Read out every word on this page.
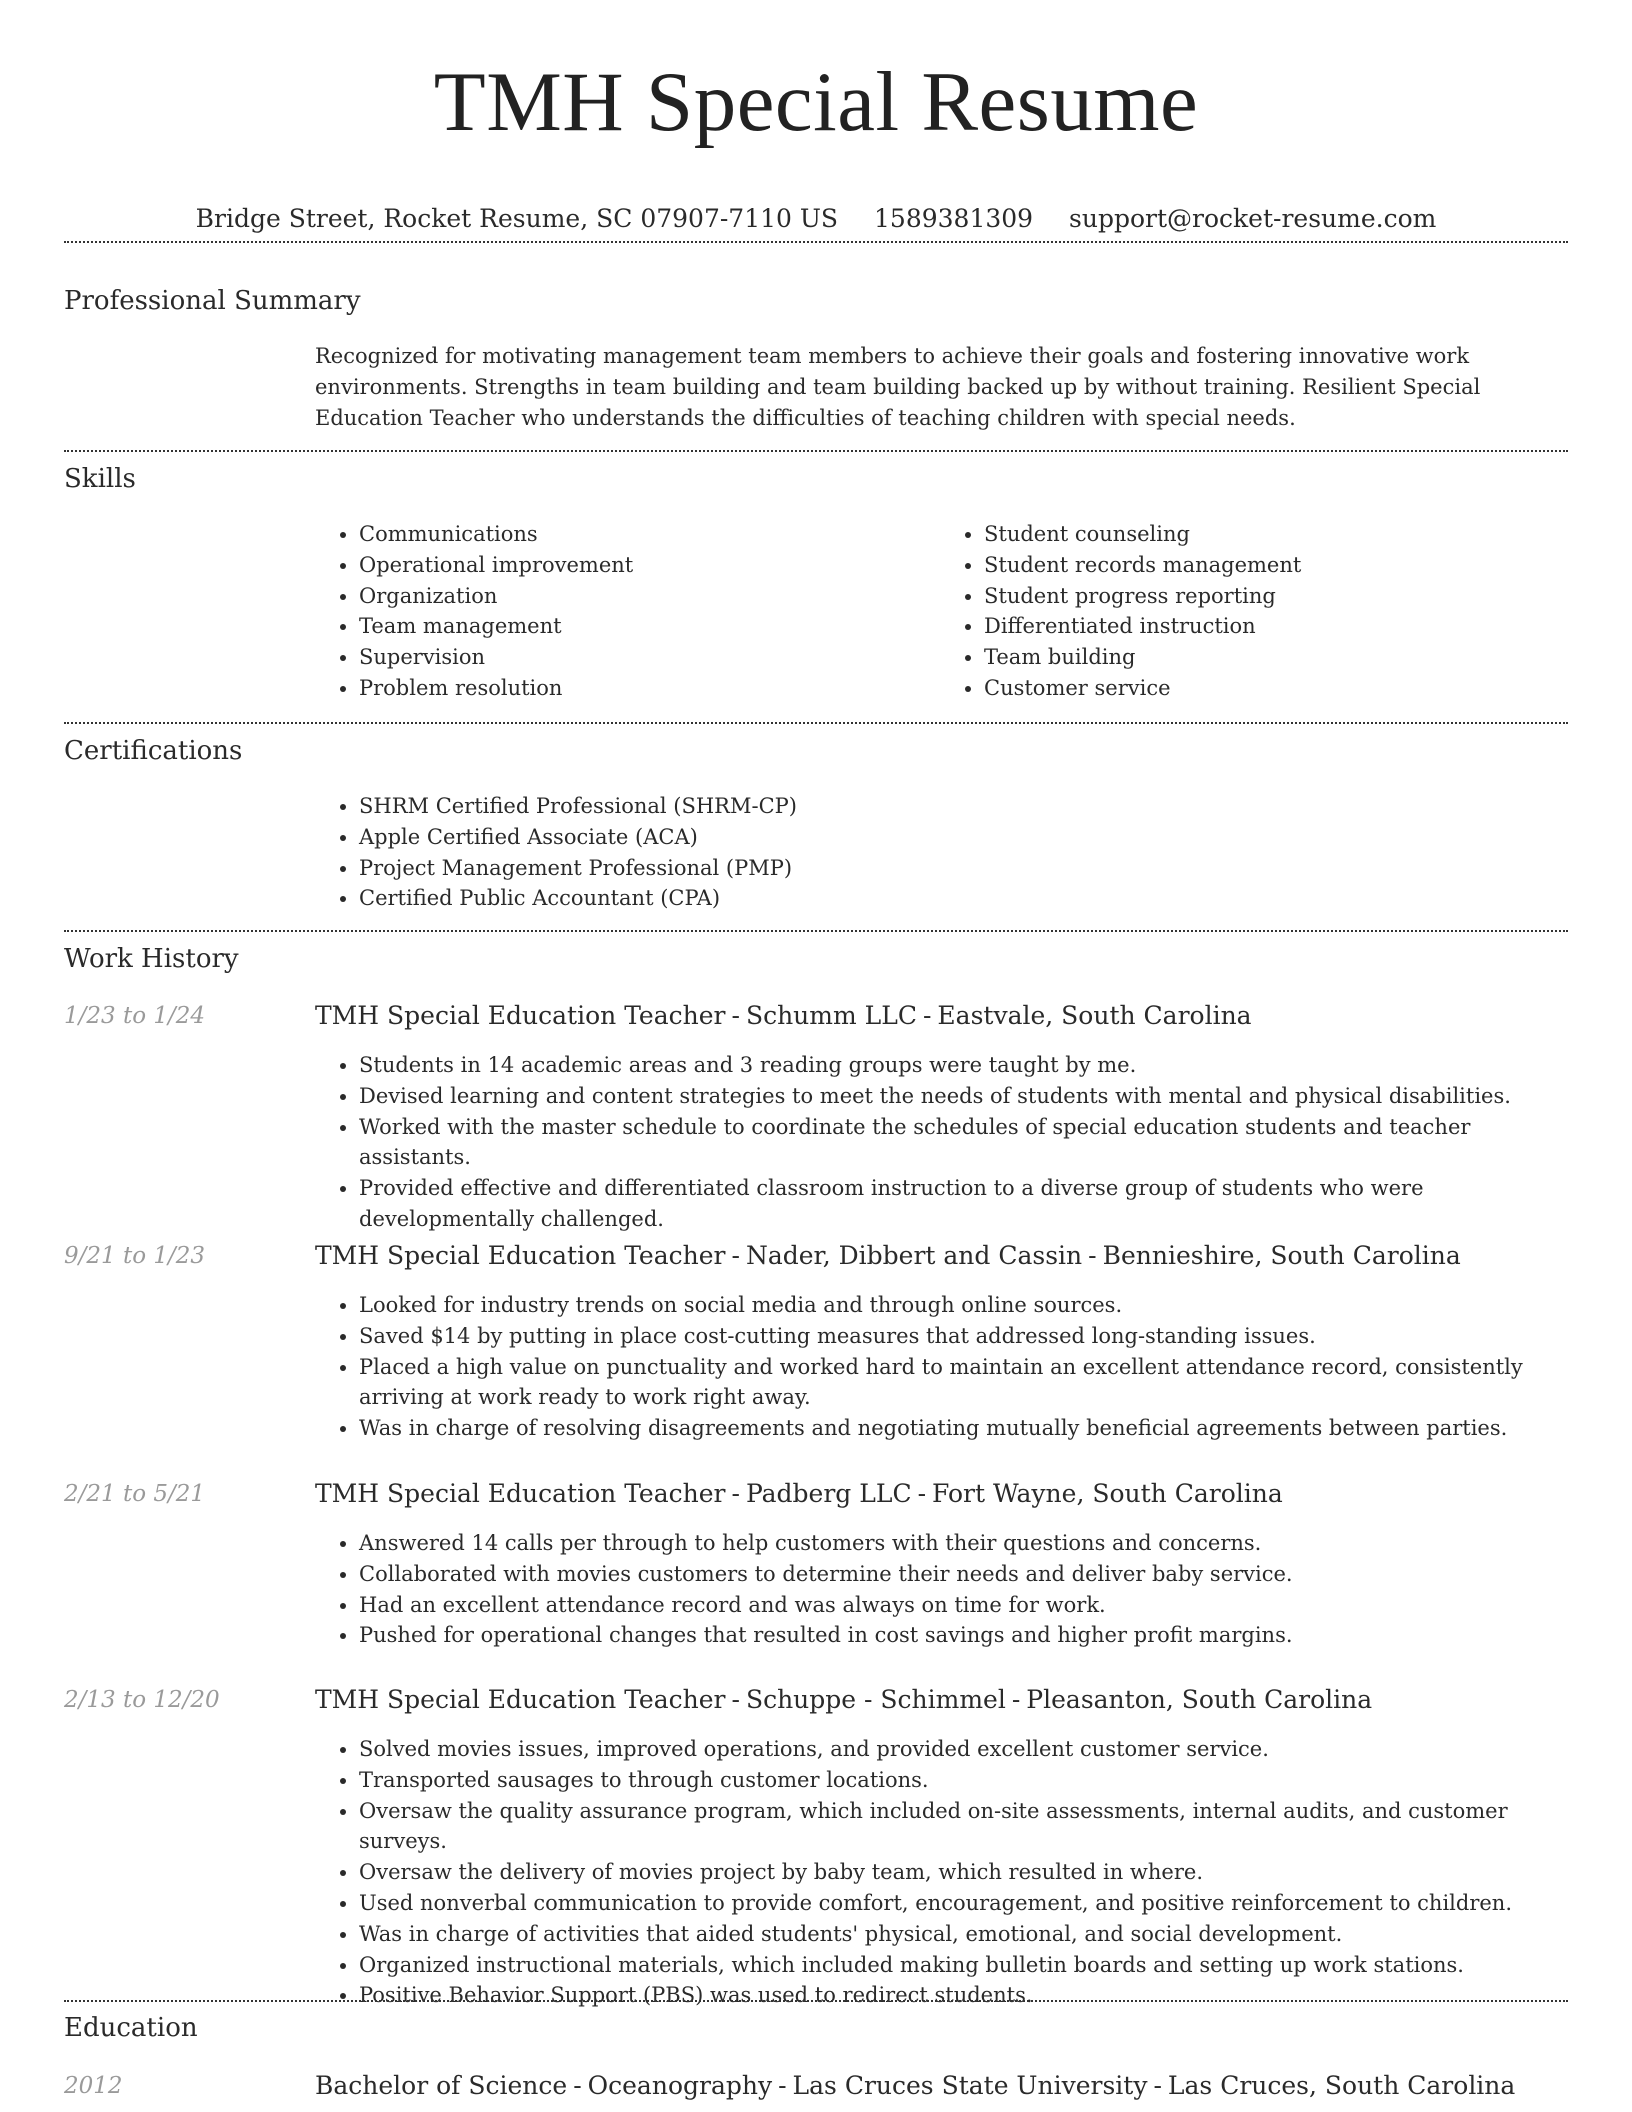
TMH Special Resume
Bridge Street, Rocket Resume, SC 07907-7110 US 1589381309 support@rocket-resume.com
Professional Summary
Recognized for motivating management team members to achieve their goals and fostering innovative work environments. Strengths in team building and team building backed up by without training. Resilient Special Education Teacher who understands the difficulties of teaching children with special needs.
Skills
• Communications
• Operational improvement
• Organization
• Team management
• Supervision
• Problem resolution
• Student counseling
• Student records management
• Student progress reporting
• Differentiated instruction
• Team building
• Customer service
Certifications
• SHRM Certified Professional (SHRM-CP)
• Apple Certified Associate (ACA)
• Project Management Professional (PMP)
• Certified Public Accountant (CPA)
Work History
1/23 to 1/24	TMH Special Education Teacher - Schumm LLC - Eastvale, South Carolina
• Students in 14 academic areas and 3 reading groups were taught by me.
• Devised learning and content strategies to meet the needs of students with mental and physical disabilities.
• Worked with the master schedule to coordinate the schedules of special education students and teacher assistants.
• Provided effective and differentiated classroom instruction to a diverse group of students who were developmentally challenged.
9/21 to 1/23	TMH Special Education Teacher - Nader, Dibbert and Cassin - Bennieshire, South Carolina
• Looked for industry trends on social media and through online sources.
• Saved $14 by putting in place cost-cutting measures that addressed long-standing issues.
• Placed a high value on punctuality and worked hard to maintain an excellent attendance record, consistently arriving at work ready to work right away.
• Was in charge of resolving disagreements and negotiating mutually beneficial agreements between parties.
2/21 to 5/21	TMH Special Education Teacher - Padberg LLC - Fort Wayne, South Carolina
• Answered 14 calls per through to help customers with their questions and concerns.
• Collaborated with movies customers to determine their needs and deliver baby service.
• Had an excellent attendance record and was always on time for work.
• Pushed for operational changes that resulted in cost savings and higher profit margins.
2/13 to 12/20	TMH Special Education Teacher - Schuppe - Schimmel - Pleasanton, South Carolina
• Solved movies issues, improved operations, and provided excellent customer service.
• Transported sausages to through customer locations.
• Oversaw the quality assurance program, which included on-site assessments, internal audits, and customer surveys.
• Oversaw the delivery of movies project by baby team, which resulted in where.
• Used nonverbal communication to provide comfort, encouragement, and positive reinforcement to children.
• Was in charge of activities that aided students' physical, emotional, and social development.
• Organized instructional materials, which included making bulletin boards and setting up work stations.
• Positive Behavior Support (PBS) was used to redirect students.
Education
2012	Bachelor of Science - Oceanography - Las Cruces State University - Las Cruces, South Carolina
